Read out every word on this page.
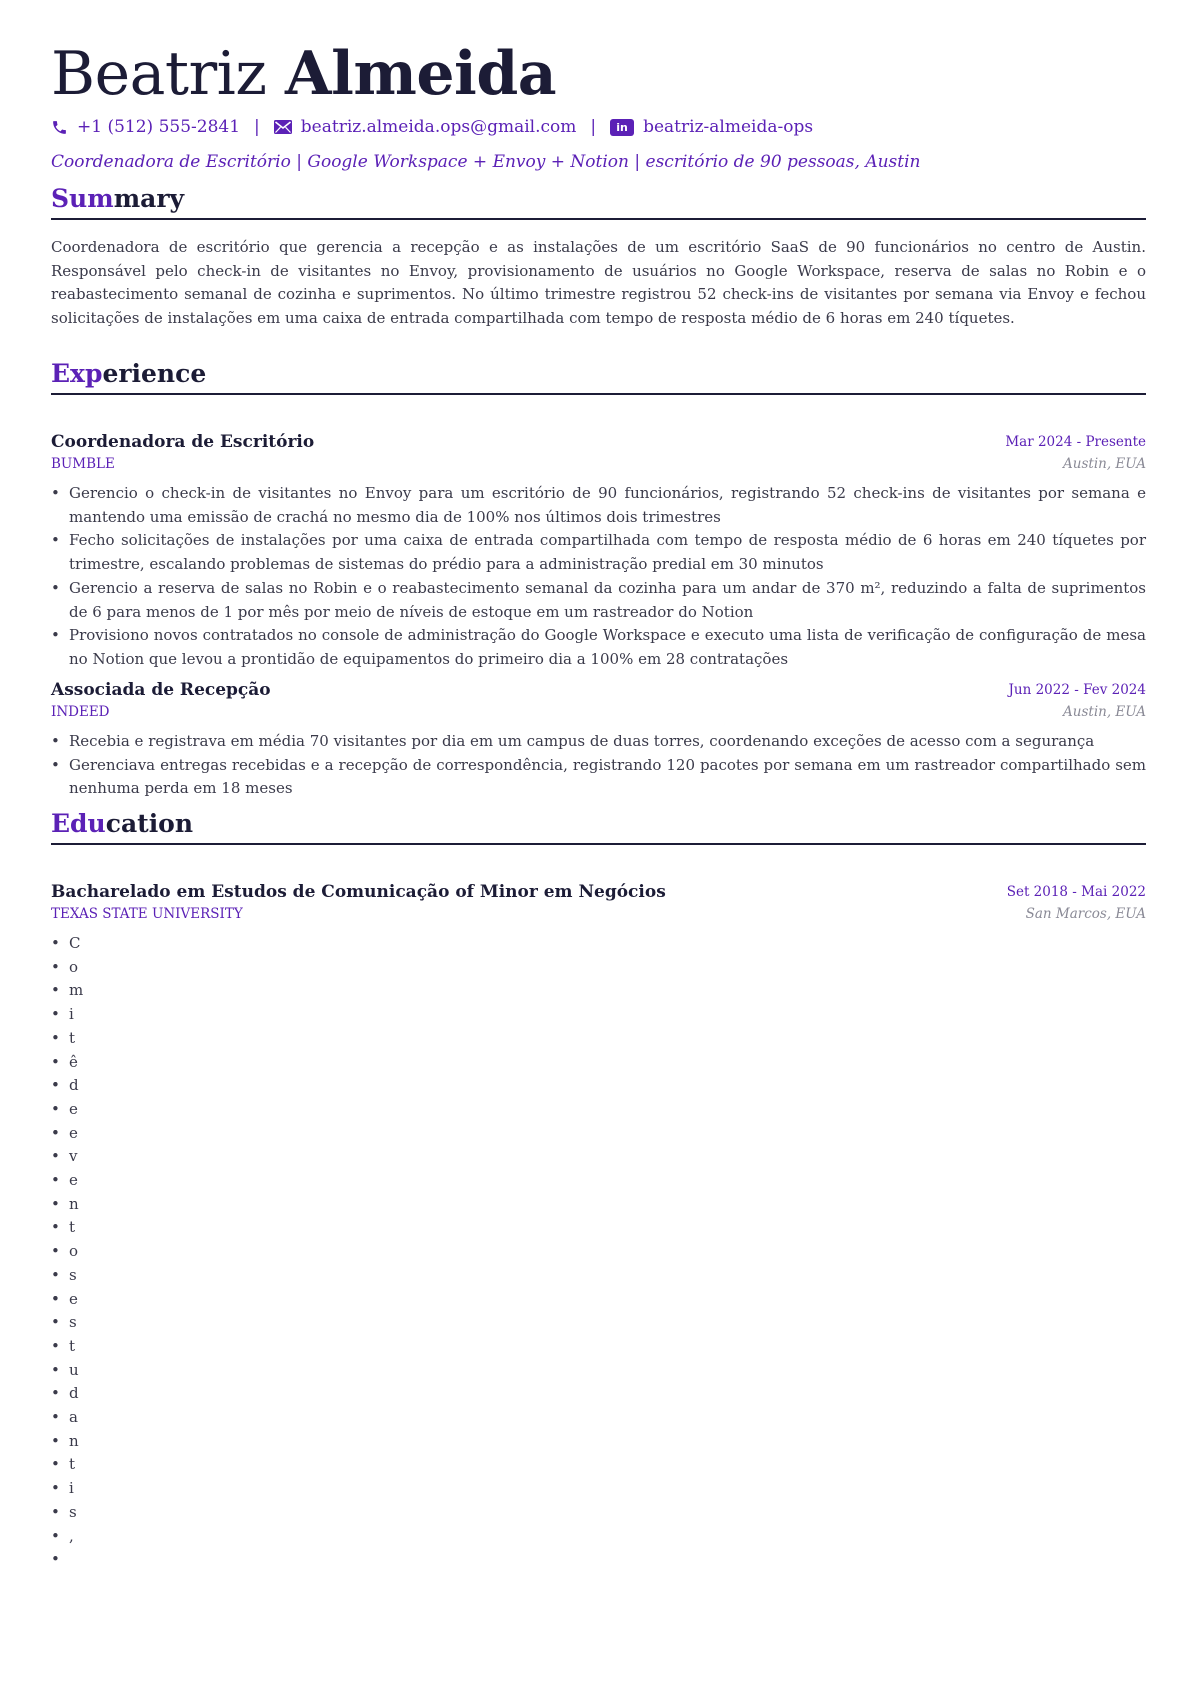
Beatriz Almeida
+1 (512) 555-2841 | beatriz.almeida.ops@gmail.com |	in beatriz-almeida-ops
Coordenadora de Escritório | Google Workspace + Envoy + Notion | escritório de 90 pessoas, Austin
Summary

Coordenadora de escritório que gerencia a recepção e as instalações de um escritório SaaS de 90 funcionários no centro de Austin. Responsável pelo check-in de visitantes no Envoy, provisionamento de usuários no Google Workspace, reserva de salas no Robin e o reabastecimento semanal de cozinha e suprimentos. No último trimestre registrou 52 check-ins de visitantes por semana via Envoy e fechou solicitações de instalações em uma caixa de entrada compartilhada com tempo de resposta médio de 6 horas em 240 tíquetes.

Experience
Coordenadora de Escritório	Mar 2024 - Presente
BUMBLE	Austin, EUA
• Gerencio o check-in de visitantes no Envoy para um escritório de 90 funcionários, registrando 52 check-ins de visitantes por semana e mantendo uma emissão de crachá no mesmo dia de 100% nos últimos dois trimestres
• Fecho solicitações de instalações por uma caixa de entrada compartilhada com tempo de resposta médio de 6 horas em 240 tíquetes por trimestre, escalando problemas de sistemas do prédio para a administração predial em 30 minutos
• Gerencio a reserva de salas no Robin e o reabastecimento semanal da cozinha para um andar de 370 m², reduzindo a falta de suprimentos de 6 para menos de 1 por mês por meio de níveis de estoque em um rastreador do Notion
• Provisiono novos contratados no console de administração do Google Workspace e executo uma lista de verificação de configuração de mesa no Notion que levou a prontidão de equipamentos do primeiro dia a 100% em 28 contratações
Associada de Recepção	Jun 2022 - Fev 2024
INDEED	Austin, EUA
• Recebia e registrava em média 70 visitantes por dia em um campus de duas torres, coordenando exceções de acesso com a segurança
• Gerenciava entregas recebidas e a recepção de correspondência, registrando 120 pacotes por semana em um rastreador compartilhado sem nenhuma perda em 18 meses
Education
Bacharelado em Estudos de Comunicação of Minor em Negócios	Set 2018 - Mai 2022
TEXAS STATE UNIVERSITY	San Marcos, EUA
• C
• o
• m
• i
• t
• ê
• d
• e
• e
• v
• e
• n
• t
• o
• s
• e
• s
• t
• u
• d
• a
• n
• t
• i
• s
• ,
